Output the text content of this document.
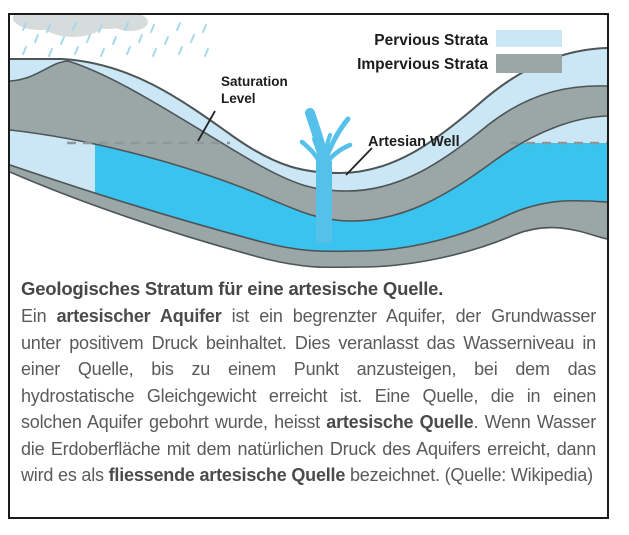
Saturation
Level
Artesian Well
Pervious Strata
Impervious Strata
Geologisches Stratum für eine artesische Quelle.

Ein artesischer Aquifer ist ein begrenzter Aquifer, der Grundwasser unter positivem Druck beinhaltet. Dies veranlasst das Wasserniveau in einer Quelle, bis zu einem Punkt anzusteigen, bei dem das hydrostatische Gleichgewicht erreicht ist. Eine Quelle, die in einen solchen Aquifer gebohrt wurde, heisst artesische Quelle. Wenn Wasser die Erdoberfläche mit dem natürlichen Druck des Aquifers erreicht, dann wird es als fliessende artesische Quelle bezeichnet. (Quelle: Wikipedia)
